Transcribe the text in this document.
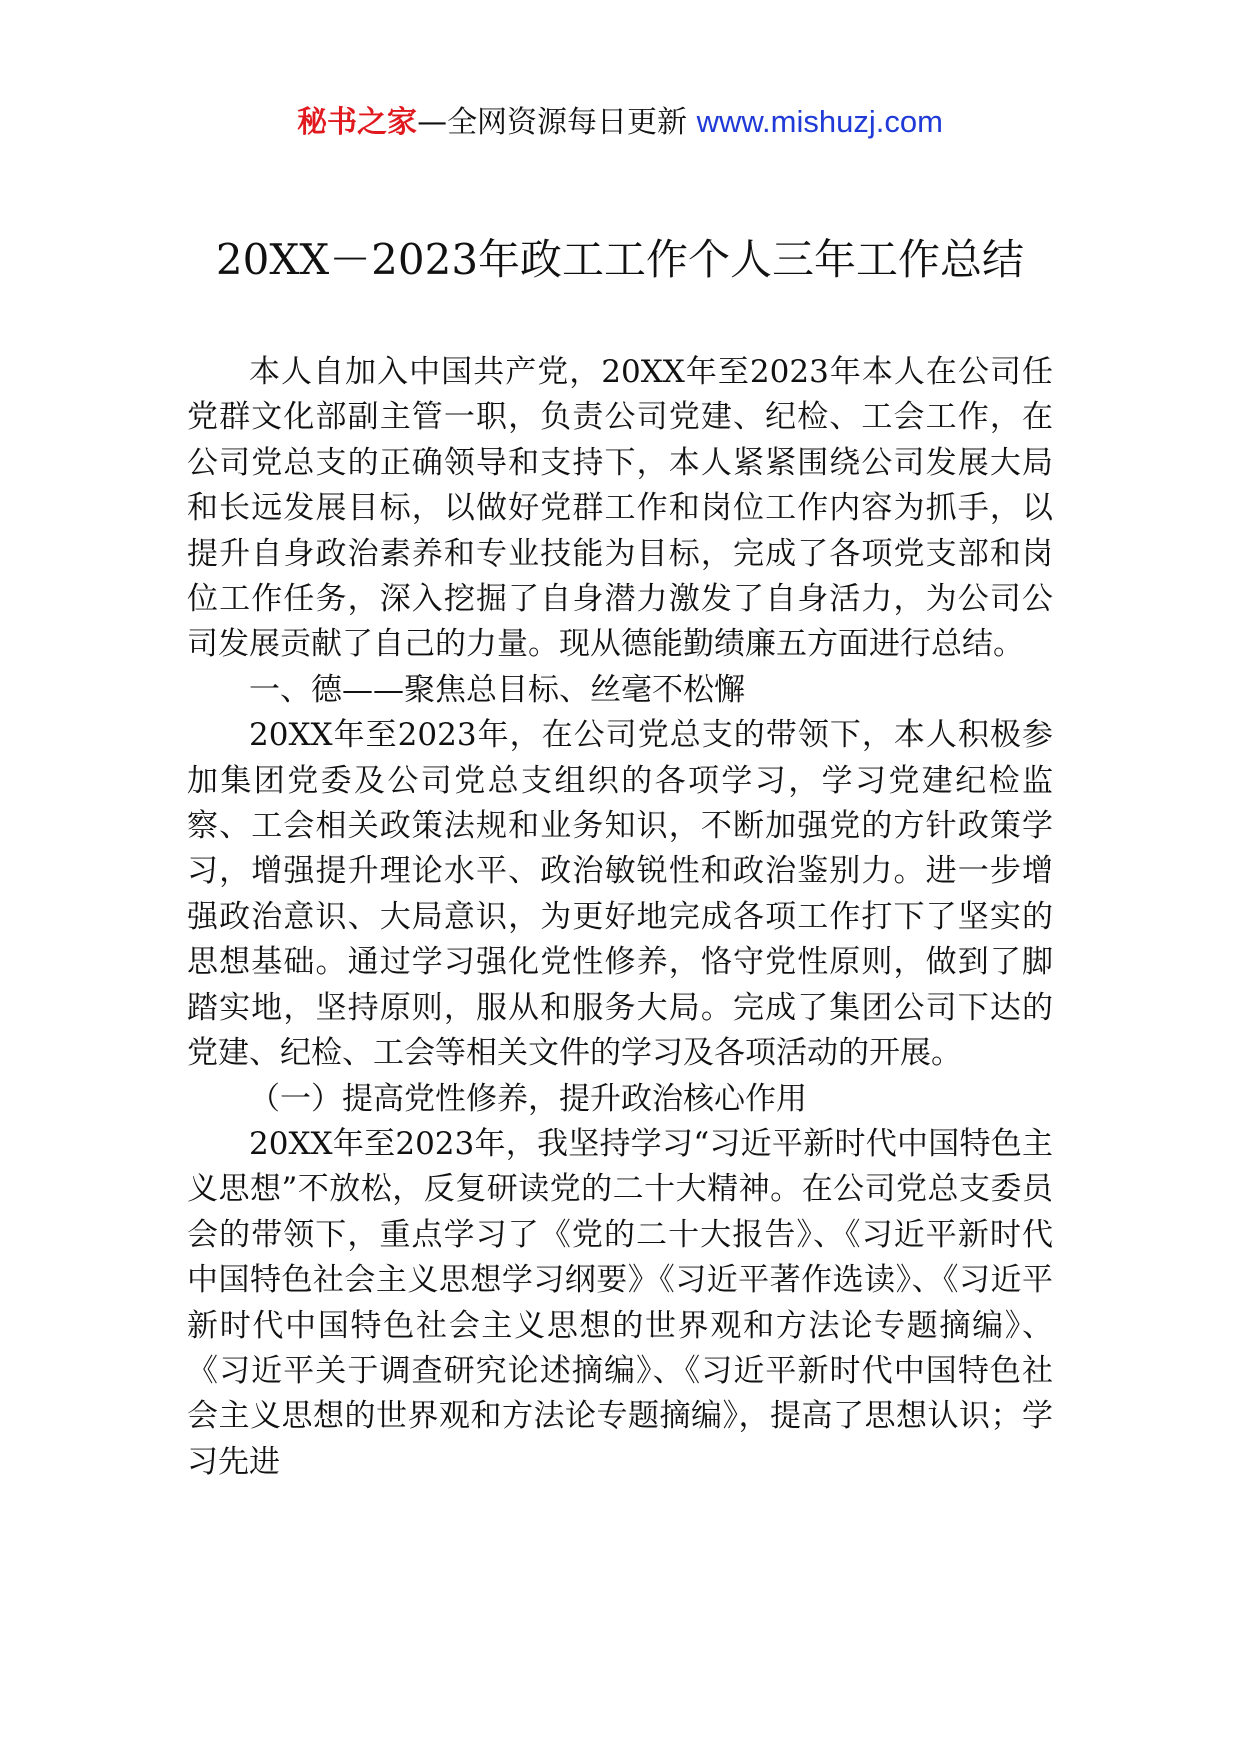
秘书之家—全网资源每日更新 www.mishuzj.com
20XX－2023年政工工作个人三年工作总结

本人自加入中国共产党，20XX年至2023年本人在公司任党群文化部副主管一职，负责公司党建、纪检、工会工作，在公司党总支的正确领导和支持下，本人紧紧围绕公司发展大局和长远发展目标，以做好党群工作和岗位工作内容为抓手，以提升自身政治素养和专业技能为目标，完成了各项党支部和岗位工作任务，深入挖掘了自身潜力激发了自身活力，为公司公司发展贡献了自己的力量。现从德能勤绩廉五方面进行总结。

一、德——聚焦总目标、丝毫不松懈

20XX年至2023年，在公司党总支的带领下，本人积极参加集团党委及公司党总支组织的各项学习，学习党建纪检监察、工会相关政策法规和业务知识，不断加强党的方针政策学习，增强提升理论水平、政治敏锐性和政治鉴别力。进一步增强政治意识、大局意识，为更好地完成各项工作打下了坚实的思想基础。通过学习强化党性修养，恪守党性原则，做到了脚踏实地，坚持原则，服从和服务大局。完成了集团公司下达的党建、纪检、工会等相关文件的学习及各项活动的开展。

（一）提高党性修养，提升政治核心作用

20XX年至2023年，我坚持学习“习近平新时代中国特色主义思想”不放松，反复研读党的二十大精神。在公司党总支委员会的带领下，重点学习了《党的二十大报告》、《习近平新时代中国特色社会主义思想学习纲要》《习近平著作选读》、《习近平新时代中国特色社会主义思想的世界观和方法论专题摘编》、《习近平关于调查研究论述摘编》、《习近平新时代中国特色社会主义思想的世界观和方法论专题摘编》，提高了思想认识；学习先进
